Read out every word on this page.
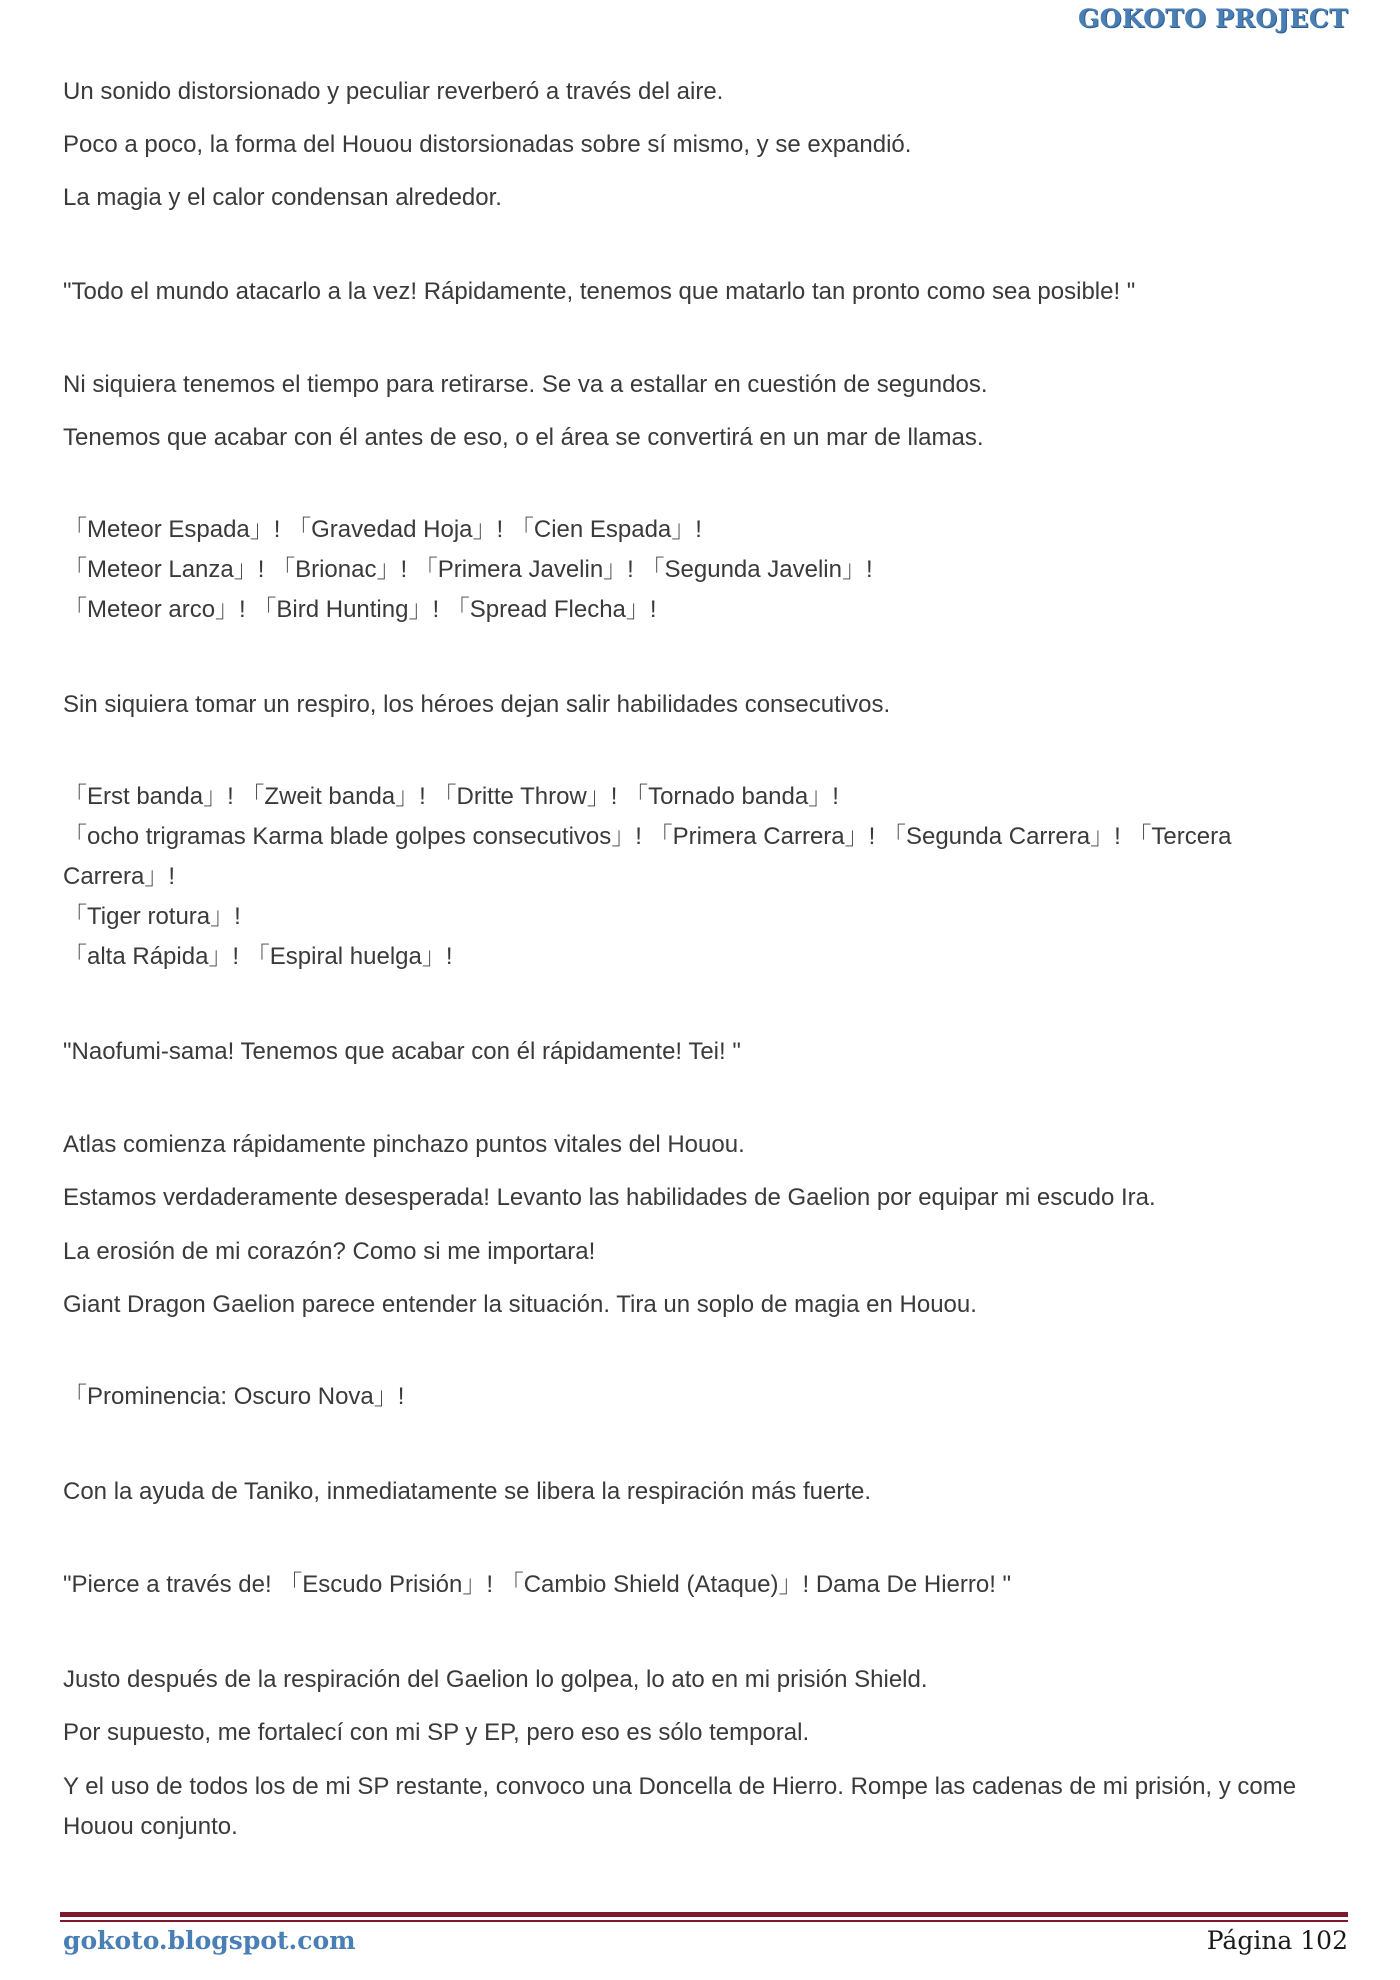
GOKOTO PROJECT
Un sonido distorsionado y peculiar reverberó a través del aire.
Poco a poco, la forma del Houou distorsionadas sobre sí mismo, y se expandió.
La magia y el calor condensan alrededor.
"Todo el mundo atacarlo a la vez! Rápidamente, tenemos que matarlo tan pronto como sea posible! "
Ni siquiera tenemos el tiempo para retirarse. Se va a estallar en cuestión de segundos.
Tenemos que acabar con él antes de eso, o el área se convertirá en un mar de llamas.
「Meteor Espada」! 「Gravedad Hoja」! 「Cien Espada」!
「Meteor Lanza」! 「Brionac」! 「Primera Javelin」! 「Segunda Javelin」!
「Meteor arco」! 「Bird Hunting」! 「Spread Flecha」!
Sin siquiera tomar un respiro, los héroes dejan salir habilidades consecutivos.
「Erst banda」! 「Zweit banda」! 「Dritte Throw」! 「Tornado banda」!
「ocho trigramas Karma blade golpes consecutivos」! 「Primera Carrera」! 「Segunda Carrera」! 「Tercera
Carrera」!
「Tiger rotura」!
「alta Rápida」! 「Espiral huelga」!
"Naofumi-sama! Tenemos que acabar con él rápidamente! Tei! "
Atlas comienza rápidamente pinchazo puntos vitales del Houou.
Estamos verdaderamente desesperada! Levanto las habilidades de Gaelion por equipar mi escudo Ira.
La erosión de mi corazón? Como si me importara!
Giant Dragon Gaelion parece entender la situación. Tira un soplo de magia en Houou.
「Prominencia: Oscuro Nova」!
Con la ayuda de Taniko, inmediatamente se libera la respiración más fuerte.
"Pierce a través de! 「Escudo Prisión」! 「Cambio Shield (Ataque)」! Dama De Hierro! "
Justo después de la respiración del Gaelion lo golpea, lo ato en mi prisión Shield.
Por supuesto, me fortalecí con mi SP y EP, pero eso es sólo temporal.
Y el uso de todos los de mi SP restante, convoco una Doncella de Hierro. Rompe las cadenas de mi prisión, y come
Houou conjunto.
gokoto.blogspot.com	Página 102
